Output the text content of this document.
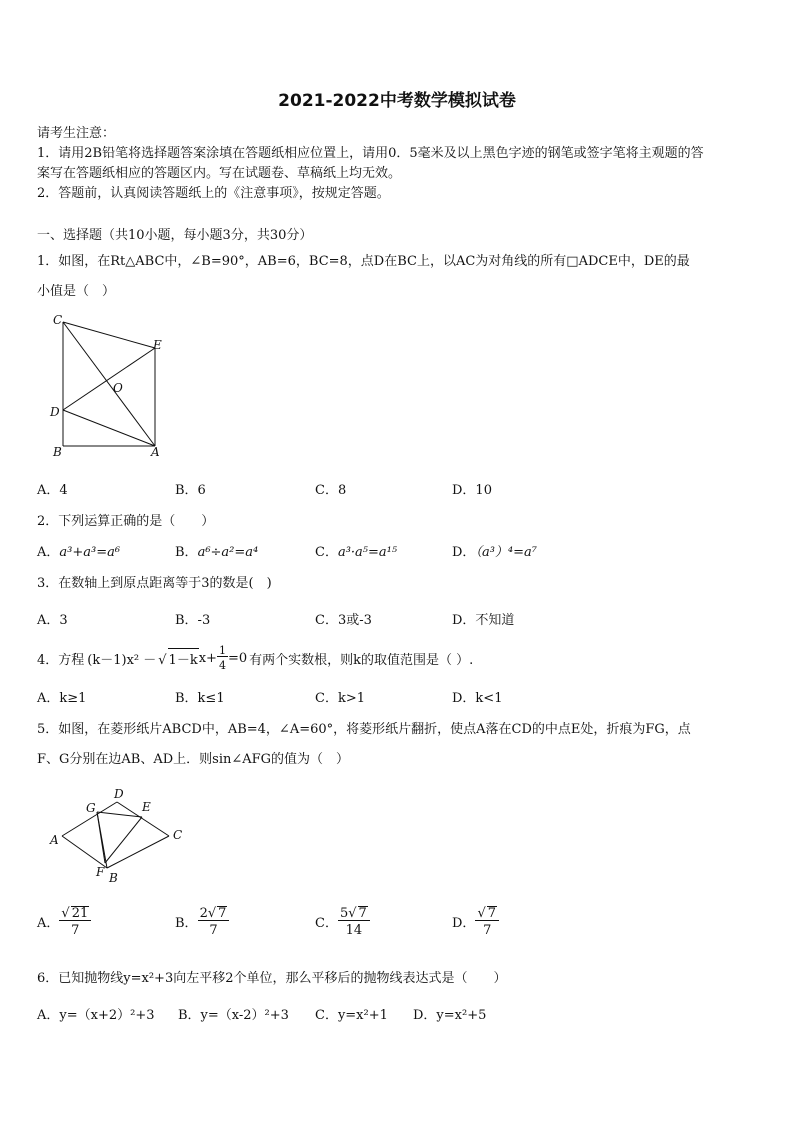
2021-2022中考数学模拟试卷
请考生注意：
1．请用2B铅笔将选择题答案涂填在答题纸相应位置上，请用0．5毫米及以上黑色字迹的钢笔或签字笔将主观题的答
案写在答题纸相应的答题区内。写在试题卷、草稿纸上均无效。
2．答题前，认真阅读答题纸上的《注意事项》，按规定答题。
一、选择题（共10小题，每小题3分，共30分）
1．如图，在Rt△ABC中，∠B=90°，AB=6，BC=8，点D在BC上，以AC为对角线的所有□ADCE中，DE的最
小值是（　）
C
E
O
D
B	A
A．4	B．6	C．8	D．10
2．下列运算正确的是（　　）
A．a³+a³=a⁶	B．a⁶÷a²=a⁴	C．a³·a⁵=a¹⁵	D．（a³）⁴=a⁷
3．在数轴上到原点距离等于3的数是(　)
A．3	B．-3	C．3或-3	D．不知道
4．方程 (k－1)x² － √ 1－k $x+ \frac{1}{4} =0$ 有两个实数根，则k的取值范围是（ ）.
A．k≥1	B．k≤1	C．k>1	D．k<1
5．如图，在菱形纸片ABCD中，AB=4，∠A=60°，将菱形纸片翻折，使点A落在CD的中点E处，折痕为FG，点
F、G分别在边AB、AD上．则sin∠AFG的值为（　）
G
D
E
A	C
F B
A． $\frac{√ 21}{7}$	B． $\frac{2√ 7}{7}$	C． $\frac{5√ 7}{14}$	D． $\frac{√ 7}{7}$
6．已知抛物线y=x²+3向左平移2个单位，那么平移后的抛物线表达式是（　　）
A．y=（x+2）²+3 B．y=（x-2）²+3 C．y=x²+1 D．y=x²+5
